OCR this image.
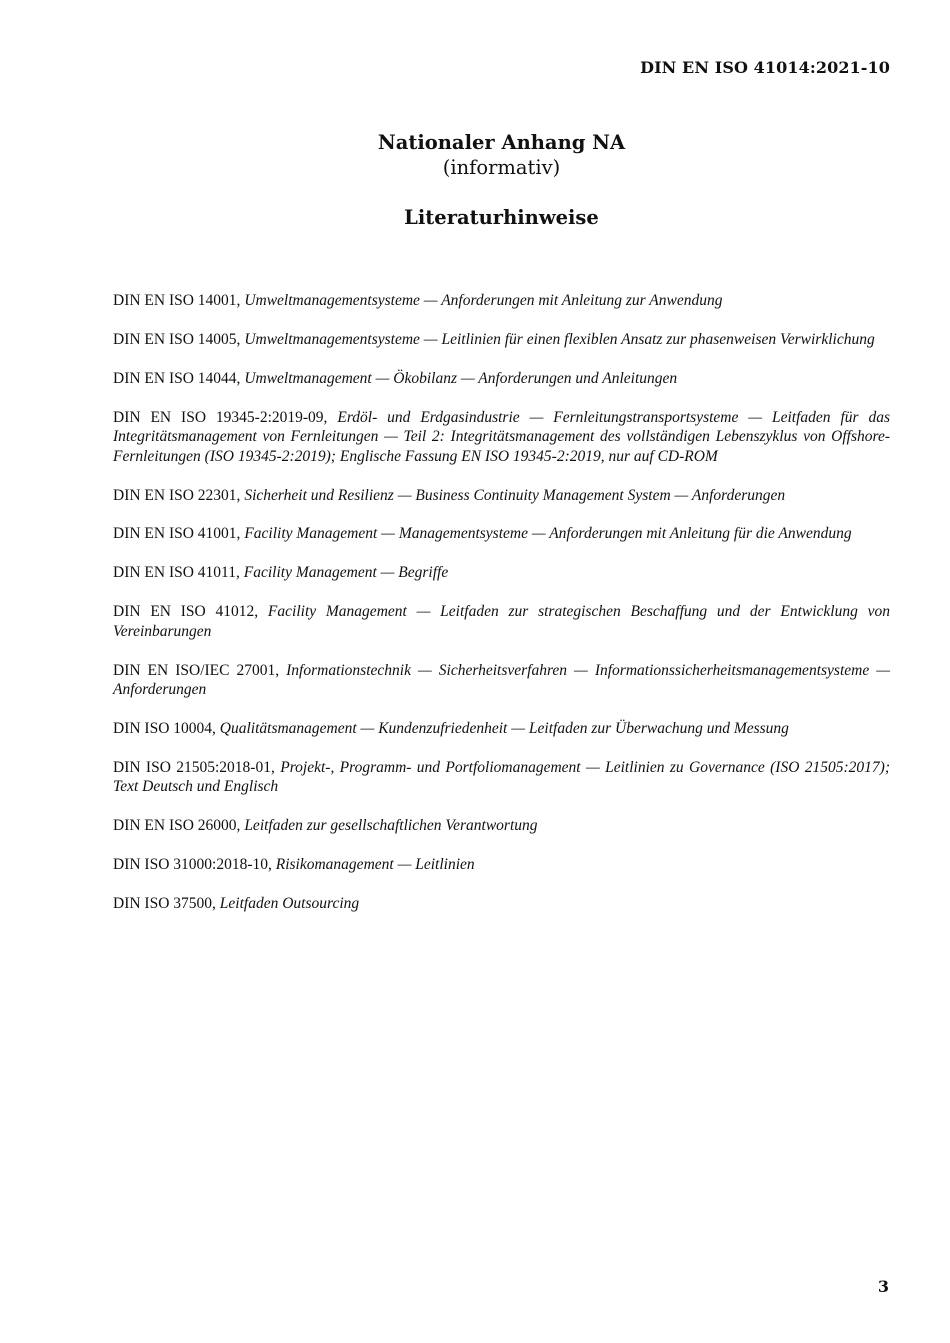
DIN EN ISO 41014:2021-10
Nationaler Anhang NA
(informativ)
Literaturhinweise

DIN EN ISO 14001, Umweltmanagementsysteme — Anforderungen mit Anleitung zur Anwendung

DIN EN ISO 14005, Umweltmanagementsysteme — Leitlinien für einen flexiblen Ansatz zur phasenweisen Verwirklichung

DIN EN ISO 14044, Umweltmanagement — Ökobilanz — Anforderungen und Anleitungen

DIN EN ISO 19345-2:2019-09, Erdöl- und Erdgasindustrie — Fernleitungstransportsysteme — Leitfaden für das Integritätsmanagement von Fernleitungen — Teil 2: Integritätsmanagement des vollständigen Lebenszyklus von Offshore-Fernleitungen (ISO 19345-2:2019); Englische Fassung EN ISO 19345-2:2019, nur auf CD-ROM

DIN EN ISO 22301, Sicherheit und Resilienz — Business Continuity Management System — Anforderungen

DIN EN ISO 41001, Facility Management — Managementsysteme — Anforderungen mit Anleitung für die Anwendung

DIN EN ISO 41011, Facility Management — Begriffe

DIN EN ISO 41012, Facility Management — Leitfaden zur strategischen Beschaffung und der Entwicklung von Vereinbarungen

DIN EN ISO/IEC 27001, Informationstechnik — Sicherheitsverfahren — Informationssicherheitsmanagementsysteme — Anforderungen

DIN ISO 10004, Qualitätsmanagement — Kundenzufriedenheit — Leitfaden zur Überwachung und Messung

DIN ISO 21505:2018-01, Projekt-, Programm- und Portfoliomanagement — Leitlinien zu Governance (ISO 21505:2017); Text Deutsch und Englisch

DIN EN ISO 26000, Leitfaden zur gesellschaftlichen Verantwortung

DIN ISO 31000:2018-10, Risikomanagement — Leitlinien

DIN ISO 37500, Leitfaden Outsourcing

3
